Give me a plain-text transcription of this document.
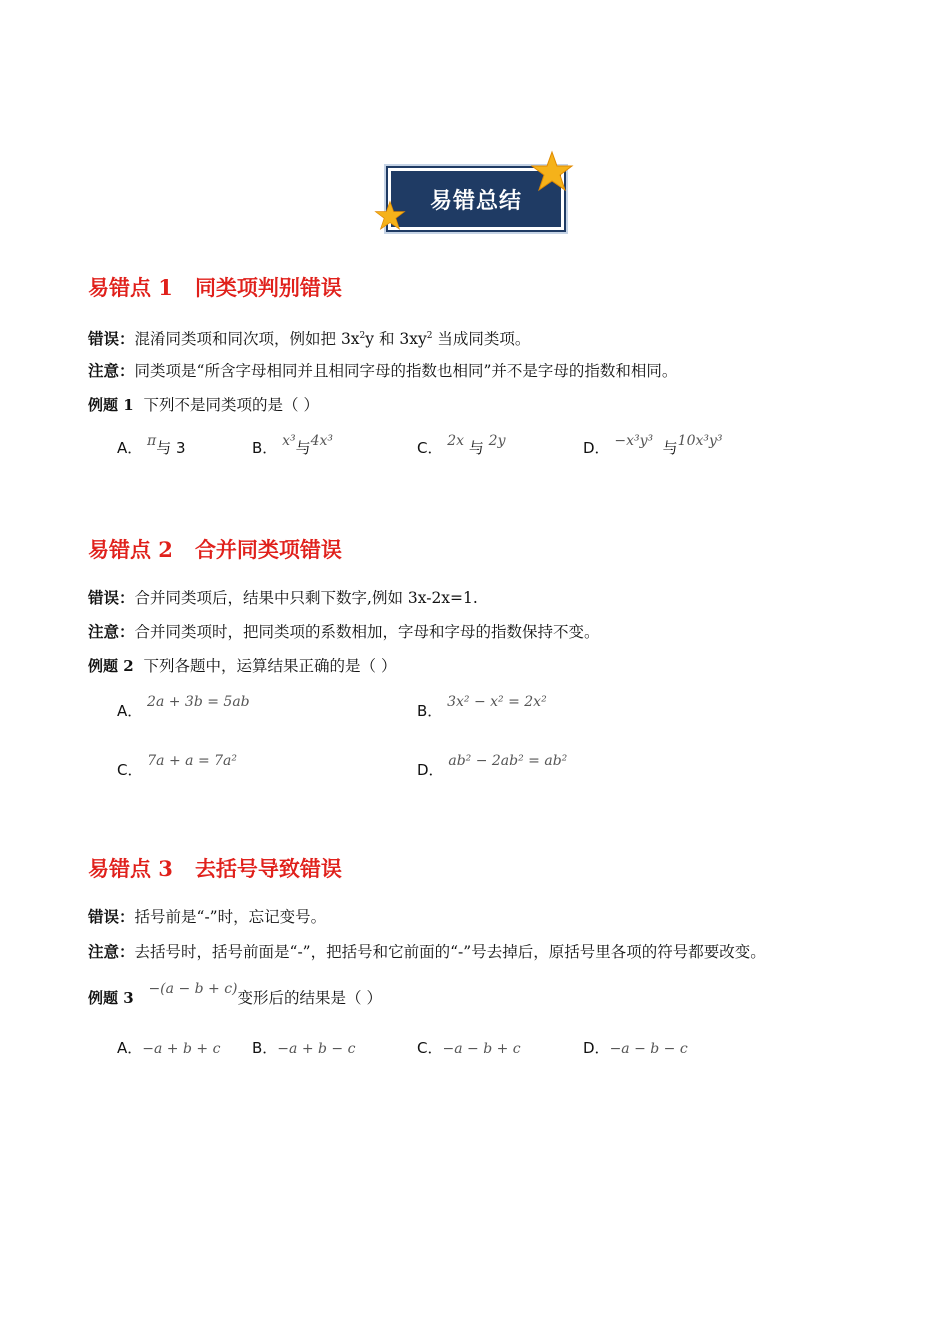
易错总结
易错点 1 同类项判别错误
错误：混淆同类项和同次项，例如把 $3x^2y$ 和 $3xy^2$ 当成同类项。
注意：同类项是“所含字母相同并且相同字母的指数也相同”并不是字母的指数和相同。
例题 1 下列不是同类项的是（ ）
A． π与 3	B． x³与4x³	C． 2x 与 2y	D． −x³y³ 与10x³y³
易错点 2 合并同类项错误
错误：合并同类项后，结果中只剩下数字,例如 3x-2x=1.
注意：合并同类项时，把同类项的系数相加，字母和字母的指数保持不变。
例题 2 下列各题中，运算结果正确的是（ ）
A． 2a + 3b = 5ab	B． 3x² − x² = 2x²
C． 7a + a = 7a²	D． ab² − 2ab² = ab²
易错点 3 去括号导致错误
错误：括号前是“-”时，忘记变号。
注意：去括号时，括号前面是“-”，把括号和它前面的“-”号去掉后，原括号里各项的符号都要改变。
例题 3 −(a − b + c)变形后的结果是（ ）
A．−a + b + c B．−a + b − c	C．−a − b + c	D．−a − b − c
